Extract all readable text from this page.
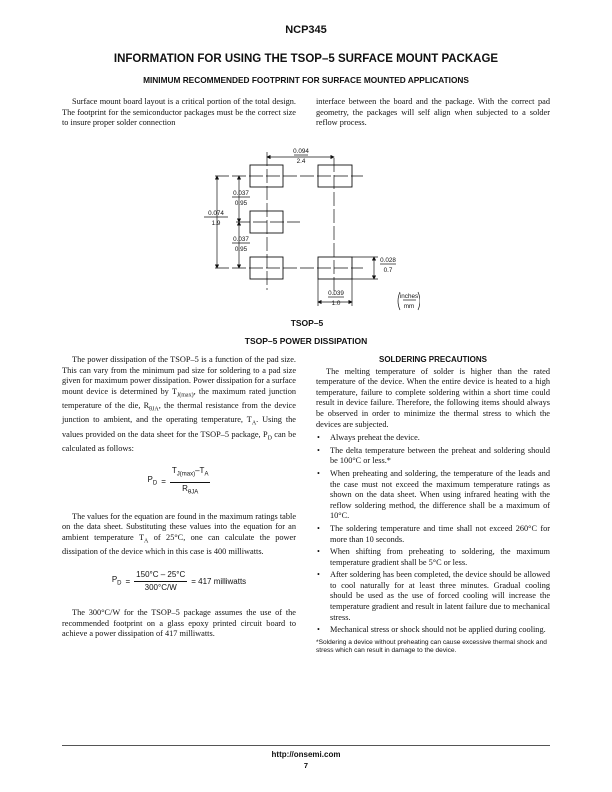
NCP345
INFORMATION FOR USING THE TSOP–5 SURFACE MOUNT PACKAGE
MINIMUM RECOMMENDED FOOTPRINT FOR SURFACE MOUNTED APPLICATIONS

Surface mount board layout is a critical portion of the total design. The footprint for the semiconductor packages must be the correct size to insure proper solder connection

interface between the board and the package. With the correct pad geometry, the packages will self align when subjected to a solder reflow process.

0.094
2.4
0.074
1.9
0.037
0.95
0.037
0.95
0.028
0.7
0.039
1.0
inches
mm
TSOP–5
TSOP–5 POWER DISSIPATION

The power dissipation of the TSOP–5 is a function of the pad size. This can vary from the minimum pad size for soldering to a pad size given for maximum power dissipation. Power dissipation for a surface mount device is determined by $T_{J(max)}$, the maximum rated junction temperature of the die, $R_{\theta JA}$, the thermal resistance from the device junction to ambient, and the operating temperature, $T_A$. Using the values provided on the data sheet for the TSOP–5 package, $P_D$ can be calculated as follows:

$P_D = \frac{T_{J(max)}-T_A}{R_{\theta JA}}$

The values for the equation are found in the maximum ratings table on the data sheet. Substituting these values into the equation for an ambient temperature $T_A$ of 25°C, one can calculate the power dissipation of the device which in this case is 400 milliwatts.

$P_D = \frac{150^\circ C - 25^\circ C}{300^\circ C/W} = 417$ milliwatts

The 300°C/W for the TSOP–5 package assumes the use of the recommended footprint on a glass epoxy printed circuit board to achieve a power dissipation of 417 milliwatts.

SOLDERING PRECAUTIONS

The melting temperature of solder is higher than the rated temperature of the device. When the entire device is heated to a high temperature, failure to complete soldering within a short time could result in device failure. Therefore, the following items should always be observed in order to minimize the thermal stress to which the devices are subjected.

• Always preheat the device.
• The delta temperature between the preheat and soldering should be 100°C or less.*
• When preheating and soldering, the temperature of the leads and the case must not exceed the maximum temperature ratings as shown on the data sheet. When using infrared heating with the reflow soldering method, the difference shall be a maximum of 10°C.
• The soldering temperature and time shall not exceed 260°C for more than 10 seconds.
• When shifting from preheating to soldering, the maximum temperature gradient shall be 5°C or less.
• After soldering has been completed, the device should be allowed to cool naturally for at least three minutes. Gradual cooling should be used as the use of forced cooling will increase the temperature gradient and result in latent failure due to mechanical stress.
• Mechanical stress or shock should not be applied during cooling.
*Soldering a device without preheating can cause excessive thermal shock and stress which can result in damage to the device.
http://onsemi.com
7
